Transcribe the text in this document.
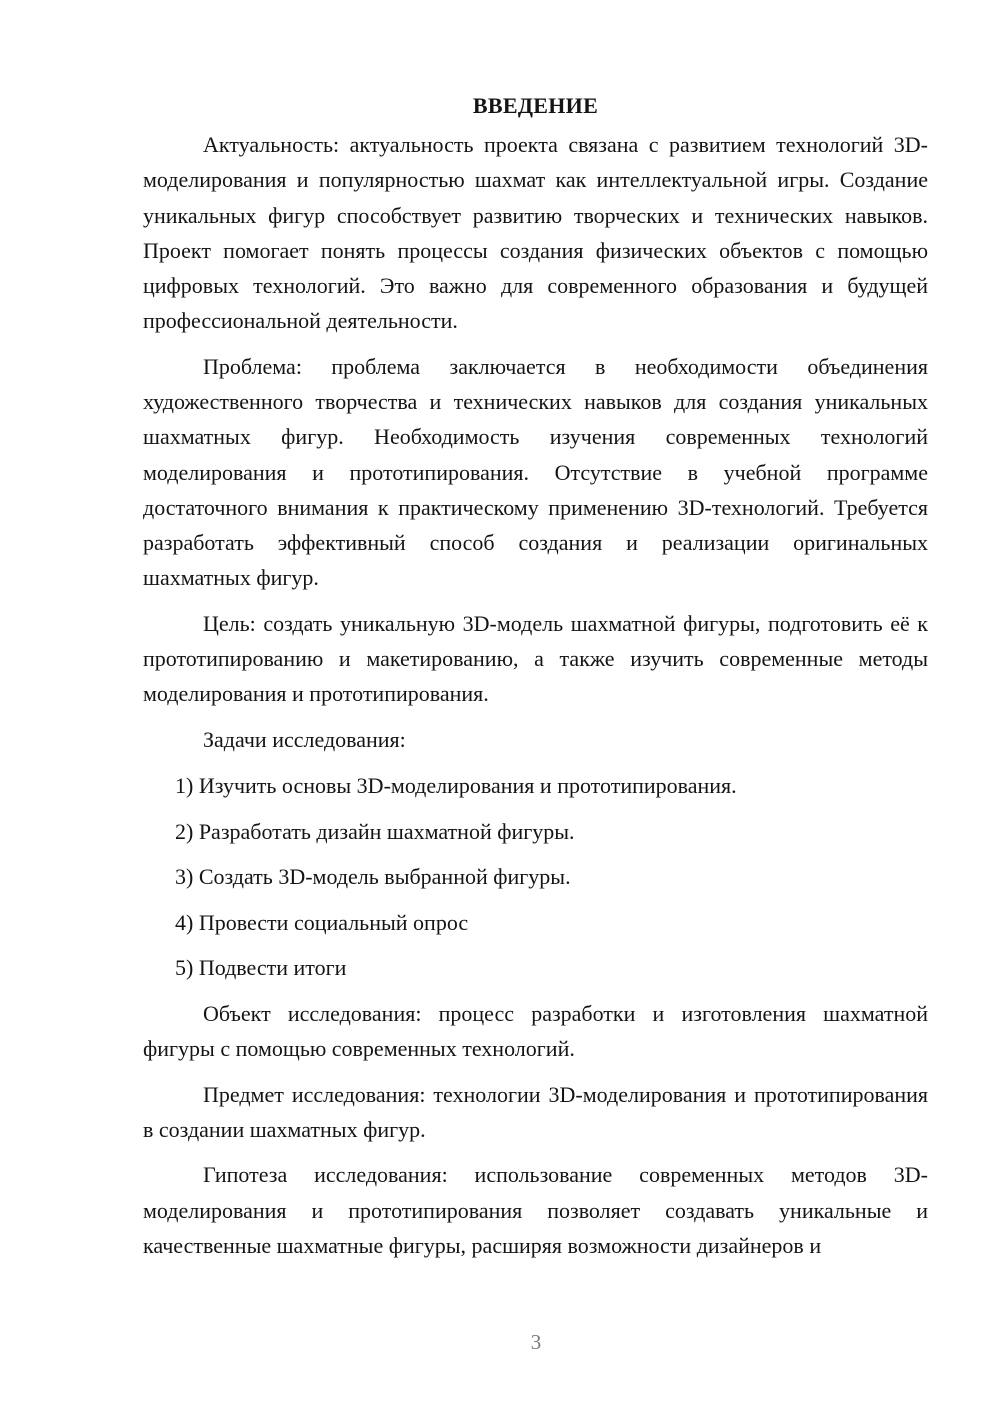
ВВЕДЕНИЕ

Актуальность: актуальность проекта связана с развитием технологий 3D-моделирования и популярностью шахмат как интеллектуальной игры. Создание уникальных фигур способствует развитию творческих и технических навыков. Проект помогает понять процессы создания физических объектов с помощью цифровых технологий. Это важно для современного образования и будущей профессиональной деятельности.

Проблема: проблема заключается в необходимости объединения художественного творчества и технических навыков для создания уникальных шахматных фигур. Необходимость изучения современных технологий моделирования и прототипирования. Отсутствие в учебной программе достаточного внимания к практическому применению 3D-технологий. Требуется разработать эффективный способ создания и реализации оригинальных шахматных фигур.

Цель: создать уникальную 3D-модель шахматной фигуры, подготовить её к прототипированию и макетированию, а также изучить современные методы моделирования и прототипирования.

Задачи исследования:

1) Изучить основы 3D-моделирования и прототипирования.

2) Разработать дизайн шахматной фигуры.

3) Создать 3D-модель выбранной фигуры.

4) Провести социальный опрос

5) Подвести итоги

Объект исследования: процесс разработки и изготовления шахматной фигуры с помощью современных технологий.

Предмет исследования: технологии 3D-моделирования и прототипирования в создании шахматных фигур.

Гипотеза исследования: использование современных методов 3D-моделирования и прототипирования позволяет создавать уникальные и качественные шахматные фигуры, расширяя возможности дизайнеров и

3
